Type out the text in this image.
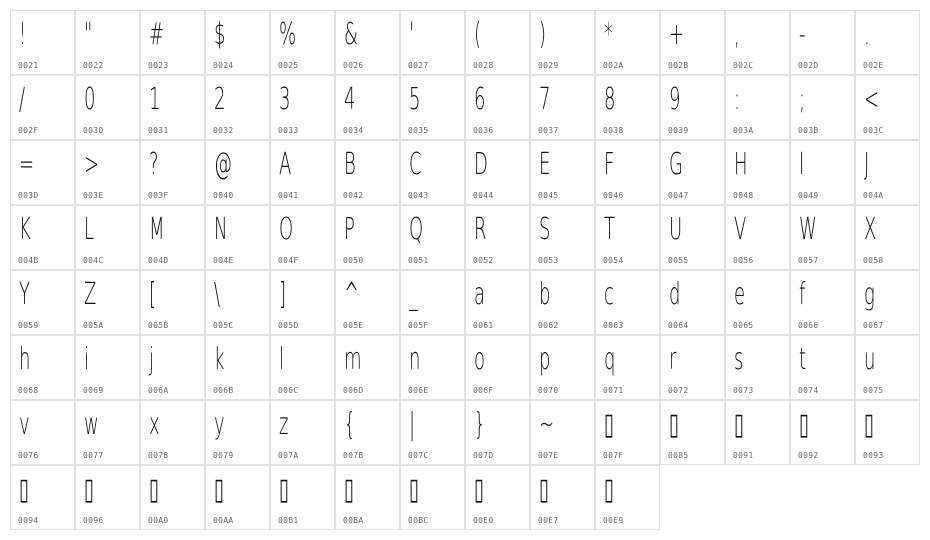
!
0021
"
0022
#
0023
$
0024
%
0025
&
0026
'
0027
(
0028
)
0029
*
002A
+
002B
,
002C
-
002D
.
002E
/
002F
0
0030
1
0031
2
0032
3
0033
4
0034
5
0035
6
0036
7
0037
8
0038
9
0039
:
003A
;
003B
<
003C
=
003D
>
003E
?
003F
@
0040
A
0041
B
0042
C
0043
D
0044
E
0045
F
0046
G
0047
H
0048
I
0049
J
004A
K
004B
L
004C
M
004D
N
004E
O
004F
P
0050
Q
0051
R
0052
S
0053
T
0054
U
0055
V
0056
W
0057
X
0058
Y
0059
Z
005A
[
005B
\
005C
]
005D
^
005E
_
005F
a
0061
b
0062
c
0063
d
0064
e
0065
f
0066
g
0067
h
0068
i
0069
j
006A
k
006B
l
006C
m
006D
n
006E
o
006F
p
0070
q
0071
r
0072
s
0073
t
0074
u
0075
v
0076
w
0077
x
0078
y
0079
z
007A
{
007B
|
007C
}
007D
~
007E
▯
007F
▯
0085
▯
0091
▯
0092
▯
0093
▯
0094
▯
0096
▯
00A9
▯
00AA
▯
00B1
▯
00BA
▯
00BC
▯
00E0
▯
00E7
▯
00E9
